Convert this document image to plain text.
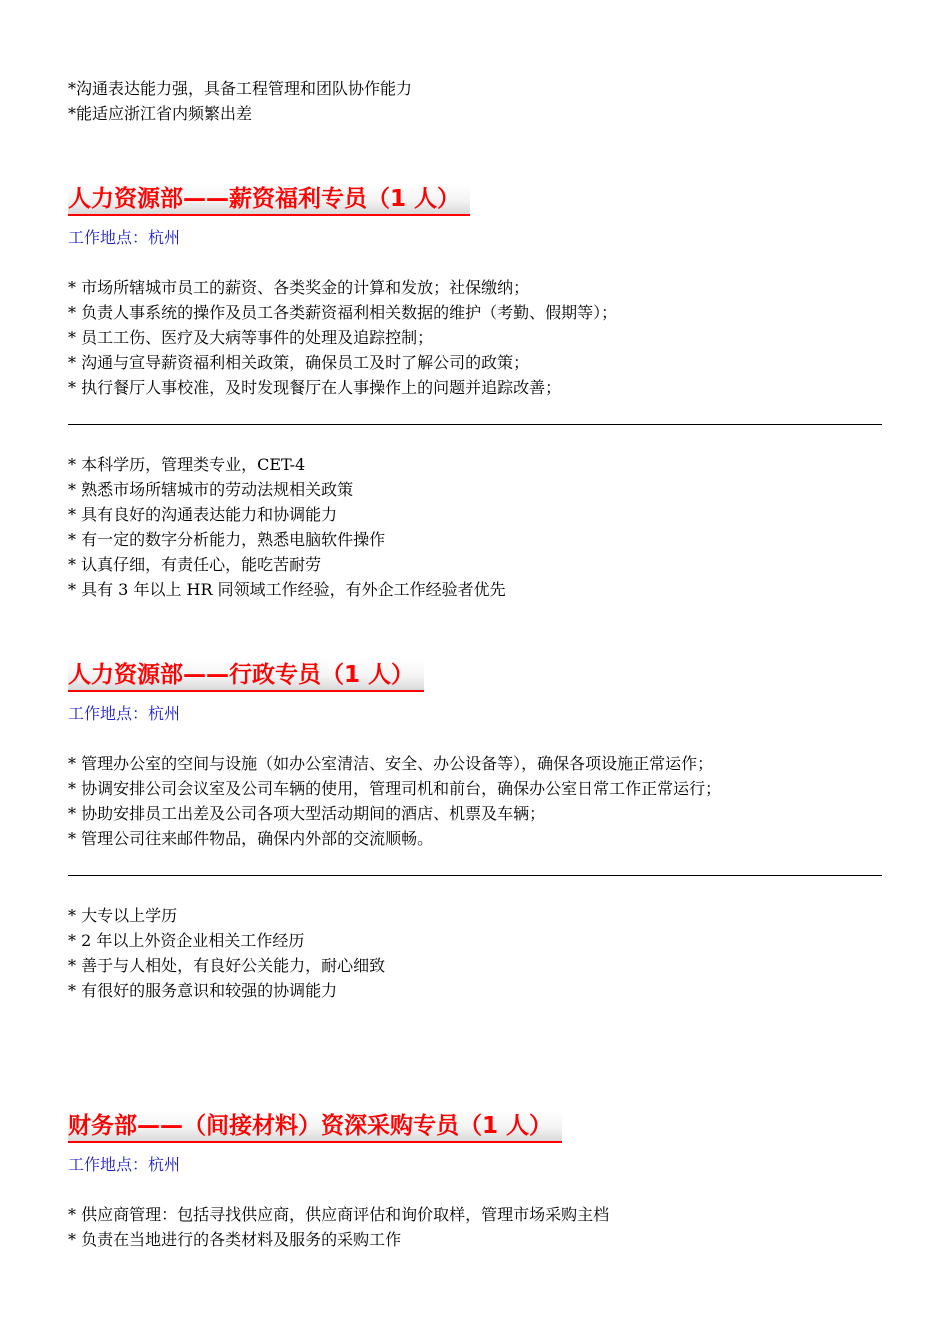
*沟通表达能力强，具备工程管理和团队协作能力
*能适应浙江省内频繁出差
人力资源部——薪资福利专员（1 人）
工作地点：杭州
* 市场所辖城市员工的薪资、各类奖金的计算和发放；社保缴纳；
* 负责人事系统的操作及员工各类薪资福利相关数据的维护（考勤、假期等）；
* 员工工伤、医疗及大病等事件的处理及追踪控制；
* 沟通与宣导薪资福利相关政策，确保员工及时了解公司的政策；
* 执行餐厅人事校准，及时发现餐厅在人事操作上的问题并追踪改善；
* 本科学历，管理类专业，CET-4
* 熟悉市场所辖城市的劳动法规相关政策
* 具有良好的沟通表达能力和协调能力
* 有一定的数字分析能力，熟悉电脑软件操作
* 认真仔细，有责任心，能吃苦耐劳
* 具有 3 年以上 HR 同领域工作经验，有外企工作经验者优先
人力资源部——行政专员（1 人）
工作地点：杭州
* 管理办公室的空间与设施（如办公室清洁、安全、办公设备等），确保各项设施正常运作；
* 协调安排公司会议室及公司车辆的使用，管理司机和前台，确保办公室日常工作正常运行；
* 协助安排员工出差及公司各项大型活动期间的酒店、机票及车辆；
* 管理公司往来邮件物品，确保内外部的交流顺畅。
* 大专以上学历
* 2 年以上外资企业相关工作经历
* 善于与人相处，有良好公关能力，耐心细致
* 有很好的服务意识和较强的协调能力
财务部——（间接材料）资深采购专员（1 人）
工作地点：杭州
* 供应商管理：包括寻找供应商，供应商评估和询价取样，管理市场采购主档
* 负责在当地进行的各类材料及服务的采购工作
